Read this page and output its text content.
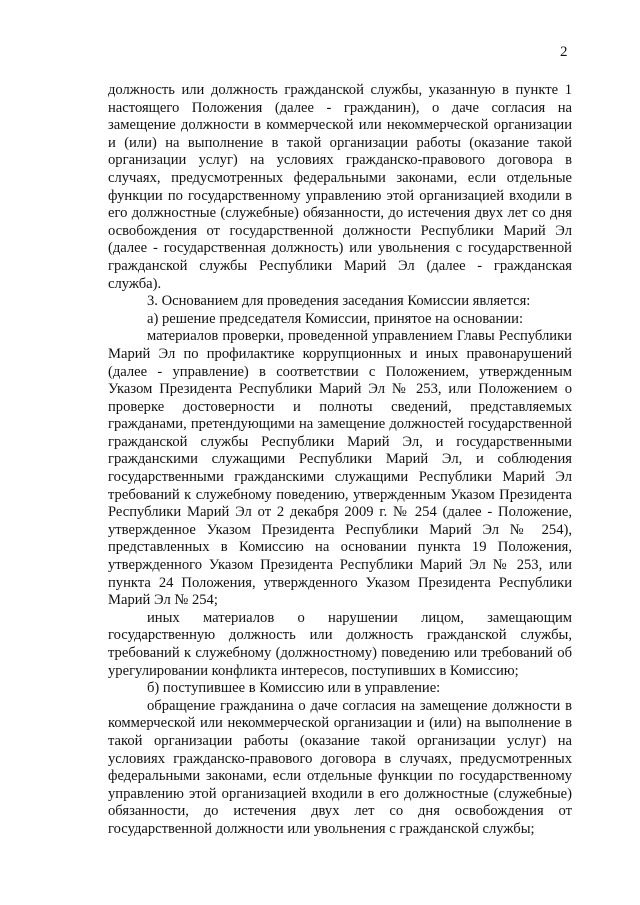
2

должность или должность гражданской службы, указанную в пункте 1 настоящего Положения (далее - гражданин), о даче согласия на замещение должности в коммерческой или некоммерческой организации и (или) на выполнение в такой организации работы (оказание такой организации услуг) на условиях гражданско-правового договора в случаях, предусмотренных федеральными законами, если отдельные функции по государственному управлению этой организацией входили в его должностные (служебные) обязанности, до истечения двух лет со дня освобождения от государственной должности Республики Марий Эл (далее - государственная должность) или увольнения с государственной гражданской службы Республики Марий Эл (далее - гражданская служба).

3. Основанием для проведения заседания Комиссии является:

а) решение председателя Комиссии, принятое на основании:

материалов проверки, проведенной управлением Главы Республики Марий Эл по профилактике коррупционных и иных правонарушений (далее - управление) в соответствии с Положением, утвержденным Указом Президента Республики Марий Эл № 253, или Положением о проверке достоверности и полноты сведений, представляемых гражданами, претендующими на замещение должностей государственной гражданской службы Республики Марий Эл, и государственными гражданскими служащими Республики Марий Эл, и соблюдения государственными гражданскими служащими Республики Марий Эл требований к служебному поведению, утвержденным Указом Президента Республики Марий Эл от 2 декабря 2009 г. № 254 (далее - Положение, утвержденное Указом Президента Республики Марий Эл № 254), представленных в Комиссию на основании пункта 19 Положения, утвержденного Указом Президента Республики Марий Эл № 253, или пункта 24 Положения, утвержденного Указом Президента Республики Марий Эл № 254;

иных материалов о нарушении лицом, замещающим государственную должность или должность гражданской службы, требований к служебному (должностному) поведению или требований об урегулировании конфликта интересов, поступивших в Комиссию;

б) поступившее в Комиссию или в управление:

обращение гражданина о даче согласия на замещение должности в коммерческой или некоммерческой организации и (или) на выполнение в такой организации работы (оказание такой организации услуг) на условиях гражданско-правового договора в случаях, предусмотренных федеральными законами, если отдельные функции по государственному управлению этой организацией входили в его должностные (служебные) обязанности, до истечения двух лет со дня освобождения от государственной должности или увольнения с гражданской службы;
